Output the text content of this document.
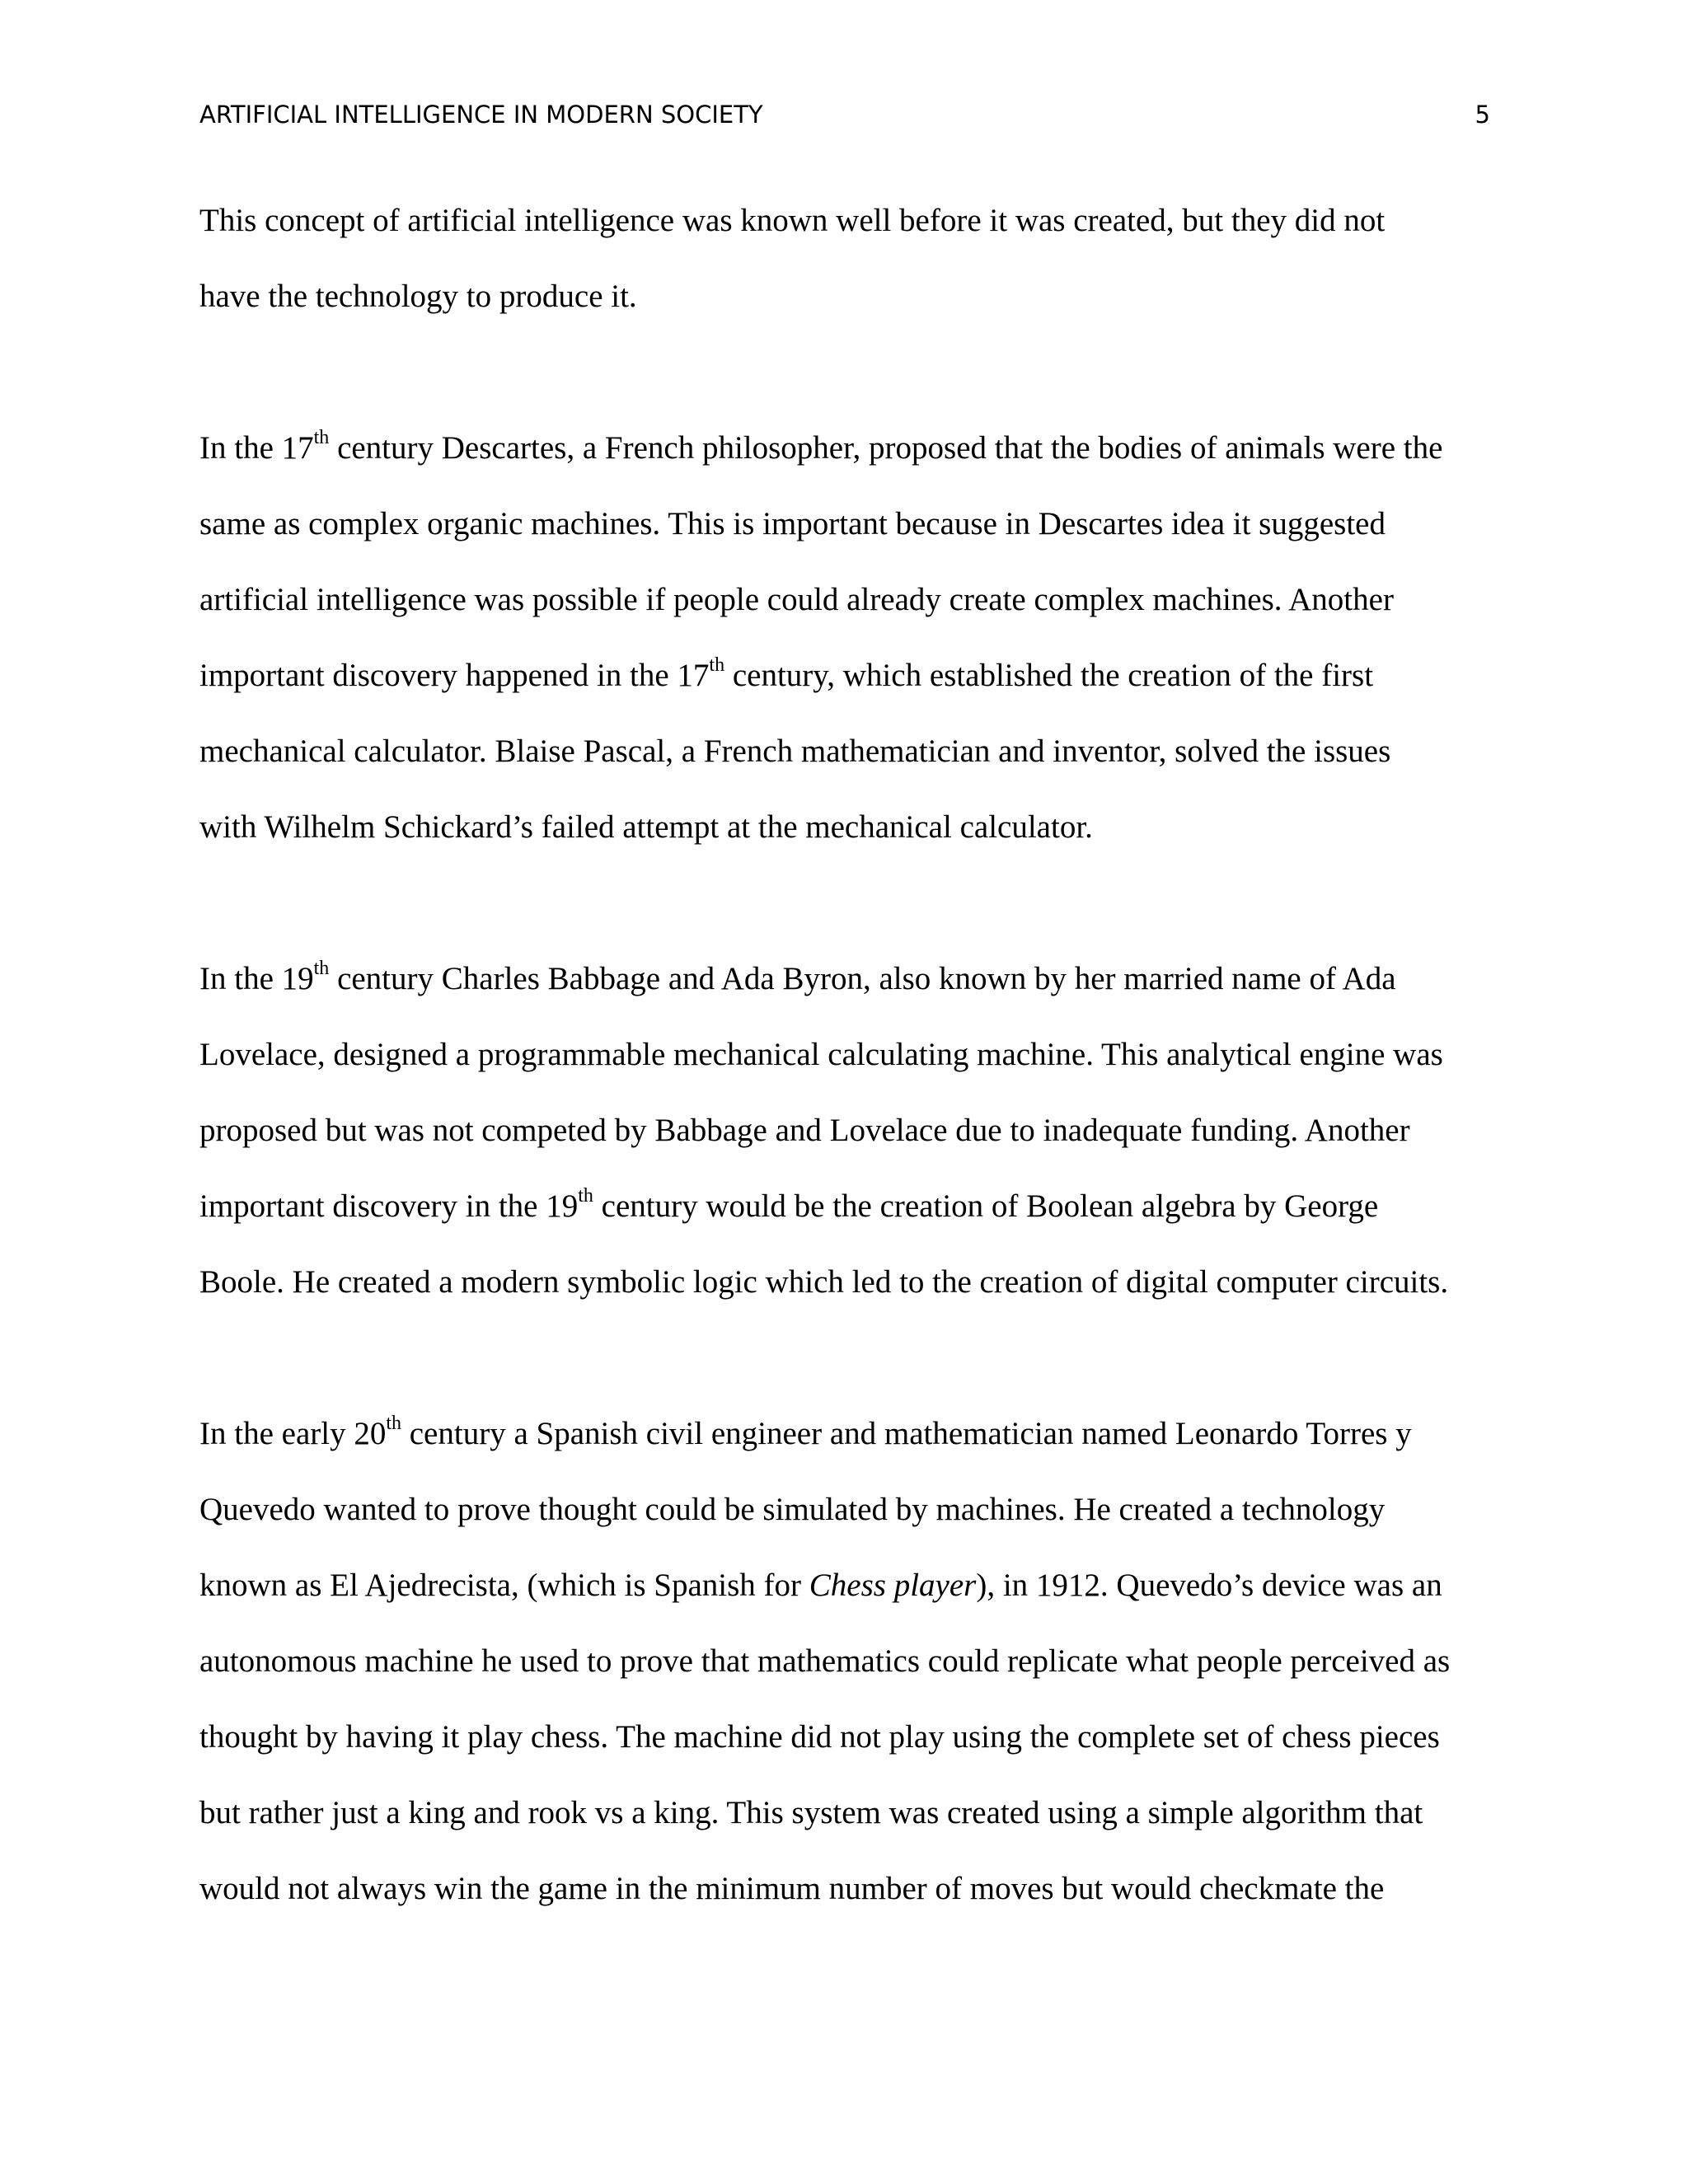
ARTIFICIAL INTELLIGENCE IN MODERN SOCIETY	5
This concept of artificial intelligence was known well before it was created, but they did not
have the technology to produce it.
In the 17th century Descartes, a French philosopher, proposed that the bodies of animals were the
same as complex organic machines. This is important because in Descartes idea it suggested
artificial intelligence was possible if people could already create complex machines. Another
important discovery happened in the 17th century, which established the creation of the first
mechanical calculator. Blaise Pascal, a French mathematician and inventor, solved the issues
with Wilhelm Schickard’s failed attempt at the mechanical calculator.
In the 19th century Charles Babbage and Ada Byron, also known by her married name of Ada
Lovelace, designed a programmable mechanical calculating machine. This analytical engine was
proposed but was not competed by Babbage and Lovelace due to inadequate funding. Another
important discovery in the 19th century would be the creation of Boolean algebra by George
Boole. He created a modern symbolic logic which led to the creation of digital computer circuits.
In the early 20th century a Spanish civil engineer and mathematician named Leonardo Torres y
Quevedo wanted to prove thought could be simulated by machines. He created a technology
known as El Ajedrecista, (which is Spanish for Chess player), in 1912. Quevedo’s device was an
autonomous machine he used to prove that mathematics could replicate what people perceived as
thought by having it play chess. The machine did not play using the complete set of chess pieces
but rather just a king and rook vs a king. This system was created using a simple algorithm that
would not always win the game in the minimum number of moves but would checkmate the
